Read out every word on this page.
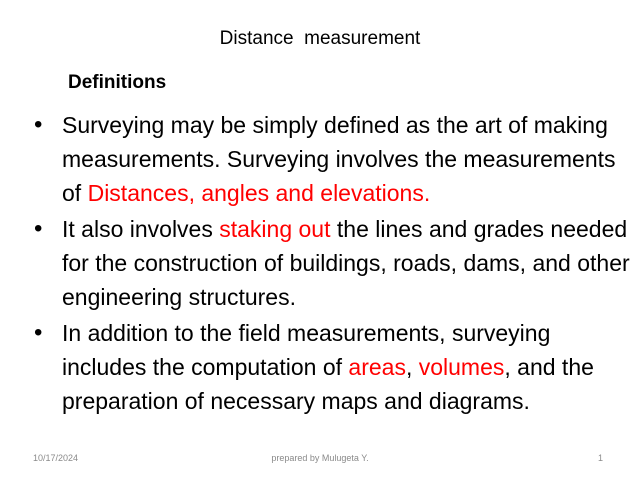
Distance  measurement
Definitions
• Surveying may be simply defined as the art of making measurements. Surveying involves the measurements of Distances, angles and elevations.
• It also involves staking out the lines and grades needed for the construction of buildings, roads, dams, and other engineering structures.
• In addition to the field measurements, surveying includes the computation of areas, volumes, and the preparation of necessary maps and diagrams.
10/17/2024	prepared by Mulugeta Y.	1
